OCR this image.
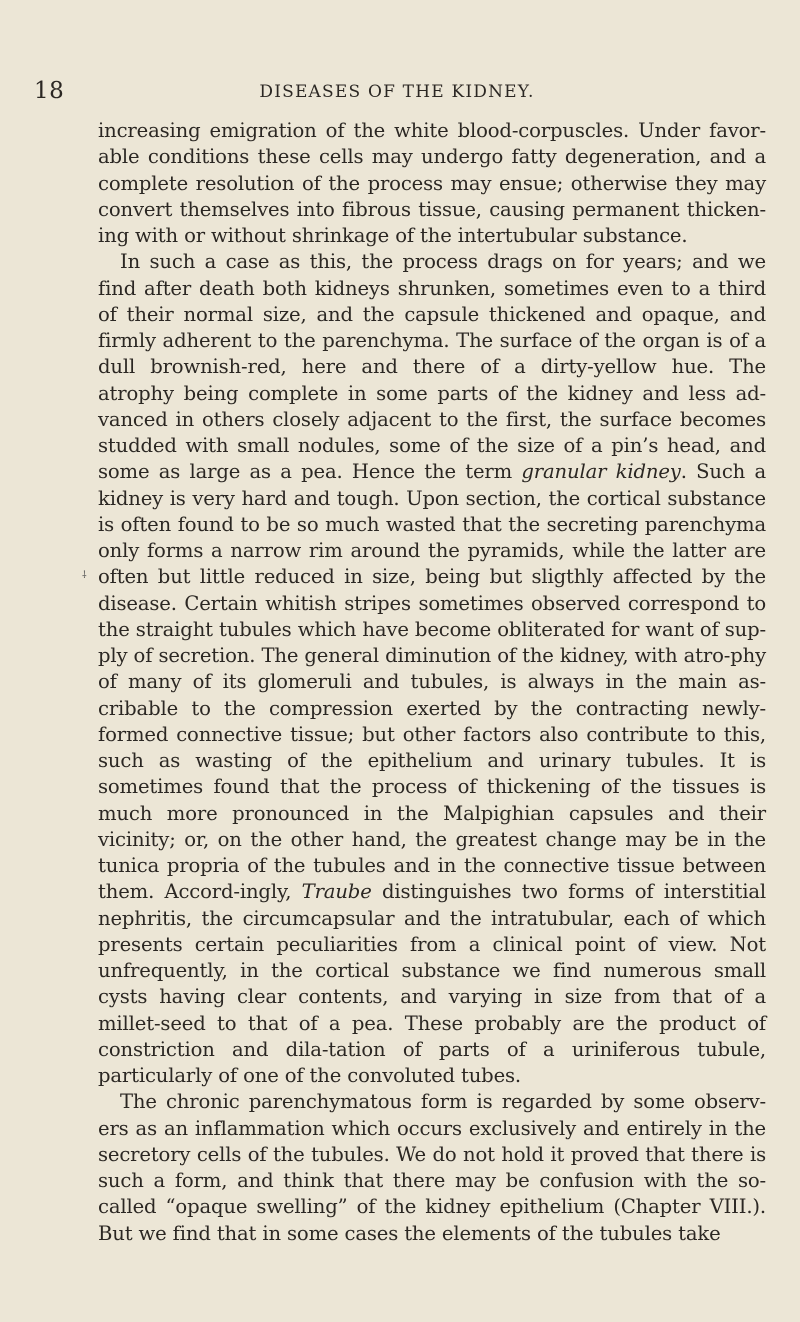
18	DISEASES OF THE KIDNEY.
⸸

increasing emigration of the white blood-corpuscles. Under favor-able conditions these cells may undergo fatty degeneration, and a complete resolution of the process may ensue; otherwise they may convert themselves into fibrous tissue, causing permanent thicken-ing with or without shrinkage of the intertubular substance.

In such a case as this, the process drags on for years; and we find after death both kidneys shrunken, sometimes even to a third of their normal size, and the capsule thickened and opaque, and firmly adherent to the parenchyma. The surface of the organ is of a dull brownish-red, here and there of a dirty-yellow hue. The atrophy being complete in some parts of the kidney and less ad-vanced in others closely adjacent to the first, the surface becomes studded with small nodules, some of the size of a pin’s head, and some as large as a pea. Hence the term granular kidney. Such a kidney is very hard and tough. Upon section, the cortical substance is often found to be so much wasted that the secreting parenchyma only forms a narrow rim around the pyramids, while the latter are often but little reduced in size, being but sligthly affected by the disease. Certain whitish stripes sometimes observed correspond to the straight tubules which have become obliterated for want of sup-ply of secretion. The general diminution of the kidney, with atro-phy of many of its glomeruli and tubules, is always in the main as-cribable to the compression exerted by the contracting newly-formed connective tissue; but other factors also contribute to this, such as wasting of the epithelium and urinary tubules. It is sometimes found that the process of thickening of the tissues is much more pronounced in the Malpighian capsules and their vicinity; or, on the other hand, the greatest change may be in the tunica propria of the tubules and in the connective tissue between them. Accord-ingly, Traube distinguishes two forms of interstitial nephritis, the circumcapsular and the intratubular, each of which presents certain peculiarities from a clinical point of view. Not unfrequently, in the cortical substance we find numerous small cysts having clear contents, and varying in size from that of a millet-seed to that of a pea. These probably are the product of constriction and dila-tation of parts of a uriniferous tubule, particularly of one of the convoluted tubes.

The chronic parenchymatous form is regarded by some observ-ers as an inflammation which occurs exclusively and entirely in the secretory cells of the tubules. We do not hold it proved that there is such a form, and think that there may be confusion with the so-called “opaque swelling” of the kidney epithelium (Chapter VIII.). But we find that in some cases the elements of the tubules take
